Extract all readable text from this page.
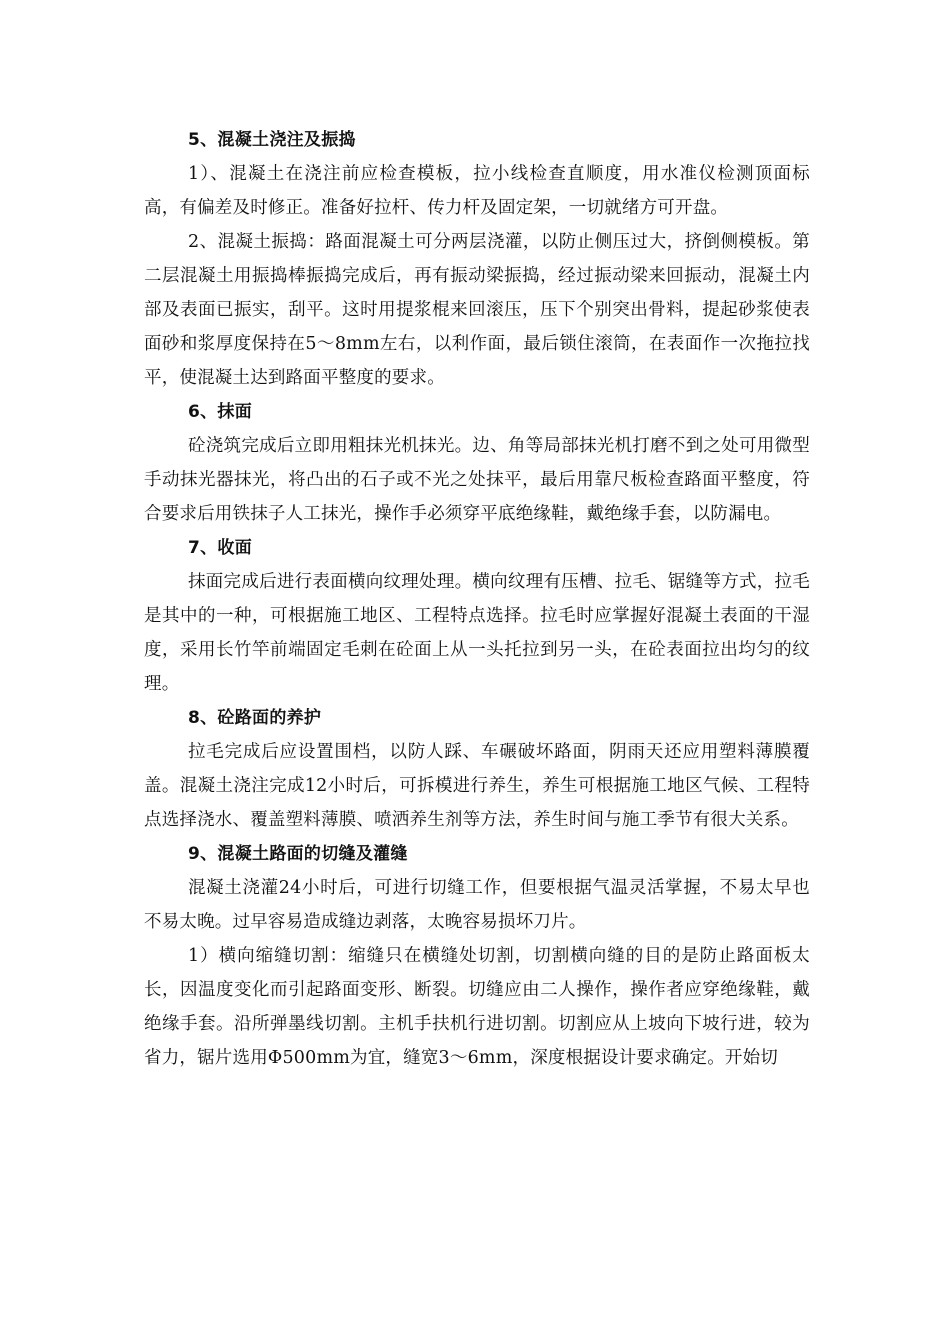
5、混凝土浇注及振捣

1）、混凝土在浇注前应检查模板，拉小线检查直顺度，用水准仪检测顶面标高，有偏差及时修正。准备好拉杆、传力杆及固定架，一切就绪方可开盘。

2、混凝土振捣：路面混凝土可分两层浇灌，以防止侧压过大，挤倒侧模板。第二层混凝土用振捣棒振捣完成后，再有振动梁振捣，经过振动梁来回振动，混凝土内部及表面已振实，刮平。这时用提浆棍来回滚压，压下个别突出骨料，提起砂浆使表面砂和浆厚度保持在5～8mm左右，以利作面，最后锁住滚筒，在表面作一次拖拉找平，使混凝土达到路面平整度的要求。

6、抹面

砼浇筑完成后立即用粗抹光机抹光。边、角等局部抹光机打磨不到之处可用微型手动抹光器抹光，将凸出的石子或不光之处抹平，最后用靠尺板检查路面平整度，符合要求后用铁抹子人工抹光，操作手必须穿平底绝缘鞋，戴绝缘手套，以防漏电。

7、收面

抹面完成后进行表面横向纹理处理。横向纹理有压槽、拉毛、锯缝等方式，拉毛是其中的一种，可根据施工地区、工程特点选择。拉毛时应掌握好混凝土表面的干湿度，采用长竹竿前端固定毛刺在砼面上从一头托拉到另一头，在砼表面拉出均匀的纹理。

8、砼路面的养护

拉毛完成后应设置围档，以防人踩、车碾破坏路面，阴雨天还应用塑料薄膜覆盖。混凝土浇注完成12小时后，可拆模进行养生，养生可根据施工地区气候、工程特点选择浇水、覆盖塑料薄膜、喷洒养生剂等方法，养生时间与施工季节有很大关系。

9、混凝土路面的切缝及灌缝

混凝土浇灌24小时后，可进行切缝工作，但要根据气温灵活掌握，不易太早也不易太晚。过早容易造成缝边剥落，太晚容易损坏刀片。

1）横向缩缝切割：缩缝只在横缝处切割，切割横向缝的目的是防止路面板太长，因温度变化而引起路面变形、断裂。切缝应由二人操作，操作者应穿绝缘鞋，戴绝缘手套。沿所弹墨线切割。主机手扶机行进切割。切割应从上坡向下坡行进，较为省力，锯片选用Φ500mm为宜，缝宽3～6mm，深度根据设计要求确定。开始切
